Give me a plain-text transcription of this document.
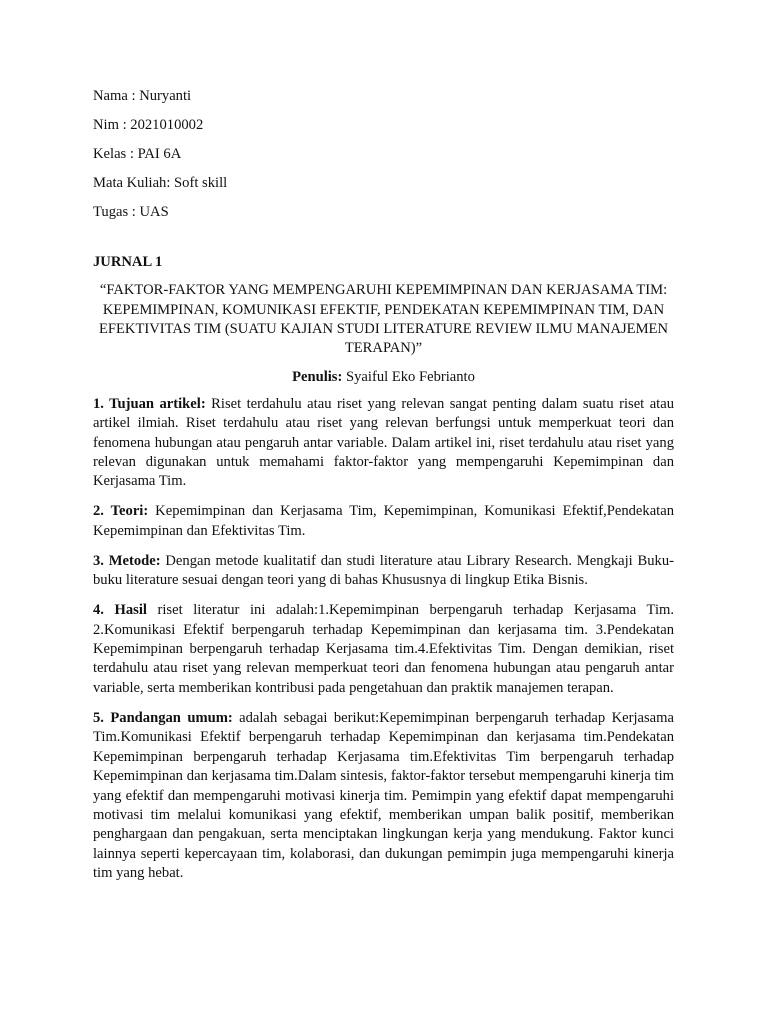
Nama : Nuryanti

Nim : 2021010002

Kelas : PAI 6A

Mata Kuliah: Soft skill

Tugas : UAS

JURNAL 1

“FAKTOR-FAKTOR YANG MEMPENGARUHI KEPEMIMPINAN DAN KERJASAMA TIM: KEPEMIMPINAN, KOMUNIKASI EFEKTIF, PENDEKATAN KEPEMIMPINAN TIM, DAN EFEKTIVITAS TIM (SUATU KAJIAN STUDI LITERATURE REVIEW ILMU MANAJEMEN TERAPAN)”

Penulis: Syaiful Eko Febrianto

1. Tujuan artikel: Riset terdahulu atau riset yang relevan sangat penting dalam suatu riset atau artikel ilmiah. Riset terdahulu atau riset yang relevan berfungsi untuk memperkuat teori dan fenomena hubungan atau pengaruh antar variable. Dalam artikel ini, riset terdahulu atau riset yang relevan digunakan untuk memahami faktor-faktor yang mempengaruhi Kepemimpinan dan Kerjasama Tim.

2. Teori: Kepemimpinan dan Kerjasama Tim, Kepemimpinan, Komunikasi Efektif,Pendekatan Kepemimpinan dan Efektivitas Tim.

3. Metode: Dengan metode kualitatif dan studi literature atau Library Research. Mengkaji Buku-buku literature sesuai dengan teori yang di bahas Khususnya di lingkup Etika Bisnis.

4. Hasil riset literatur ini adalah:1.Kepemimpinan berpengaruh terhadap Kerjasama Tim. 2.Komunikasi Efektif berpengaruh terhadap Kepemimpinan dan kerjasama tim. 3.Pendekatan Kepemimpinan berpengaruh terhadap Kerjasama tim.4.Efektivitas Tim. Dengan demikian, riset terdahulu atau riset yang relevan memperkuat teori dan fenomena hubungan atau pengaruh antar variable, serta memberikan kontribusi pada pengetahuan dan praktik manajemen terapan.

5. Pandangan umum: adalah sebagai berikut:Kepemimpinan berpengaruh terhadap Kerjasama Tim.Komunikasi Efektif berpengaruh terhadap Kepemimpinan dan kerjasama tim.Pendekatan Kepemimpinan berpengaruh terhadap Kerjasama tim.Efektivitas Tim berpengaruh terhadap Kepemimpinan dan kerjasama tim.Dalam sintesis, faktor-faktor tersebut mempengaruhi kinerja tim yang efektif dan mempengaruhi motivasi kinerja tim. Pemimpin yang efektif dapat mempengaruhi motivasi tim melalui komunikasi yang efektif, memberikan umpan balik positif, memberikan penghargaan dan pengakuan, serta menciptakan lingkungan kerja yang mendukung. Faktor kunci lainnya seperti kepercayaan tim, kolaborasi, dan dukungan pemimpin juga mempengaruhi kinerja tim yang hebat.
